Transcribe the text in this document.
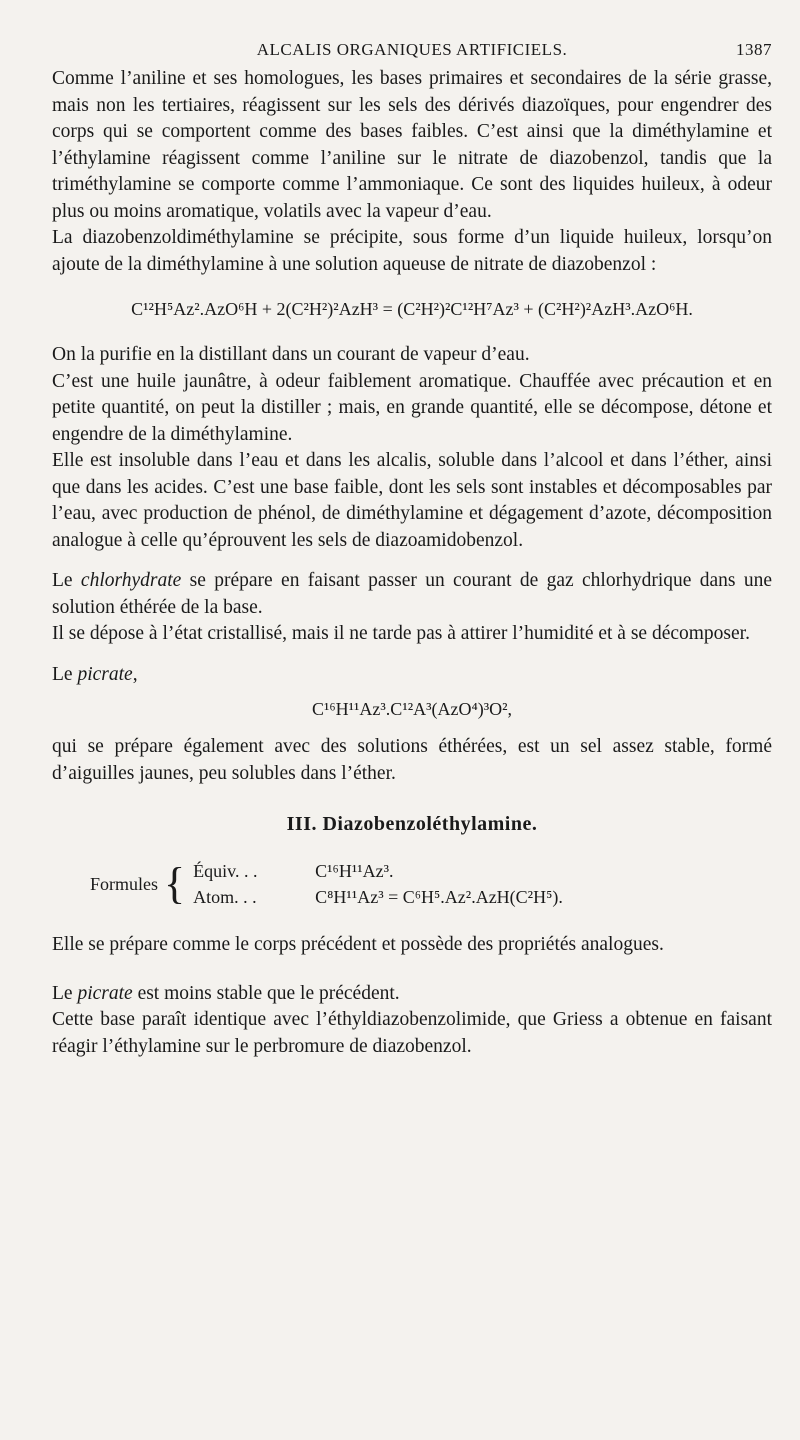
ALCALIS ORGANIQUES ARTIFICIELS.	1387

Comme l’aniline et ses homologues, les bases primaires et secondaires de la série grasse, mais non les tertiaires, réagissent sur les sels des dérivés diazoïques, pour engendrer des corps qui se comportent comme des bases faibles. C’est ainsi que la diméthylamine et l’éthylamine réagissent comme l’aniline sur le nitrate de diazobenzol, tandis que la triméthylamine se comporte comme l’ammoniaque. Ce sont des liquides huileux, à odeur plus ou moins aromatique, volatils avec la vapeur d’eau.

La diazobenzoldiméthylamine se précipite, sous forme d’un liquide huileux, lorsqu’on ajoute de la diméthylamine à une solution aqueuse de nitrate de diazobenzol :

C¹²H⁵Az².AzO⁶H + 2(C²H²)²AzH³ = (C²H²)²C¹²H⁷Az³ + (C²H²)²AzH³.AzO⁶H.

On la purifie en la distillant dans un courant de vapeur d’eau.

C’est une huile jaunâtre, à odeur faiblement aromatique. Chauffée avec précaution et en petite quantité, on peut la distiller ; mais, en grande quantité, elle se décompose, détone et engendre de la diméthylamine.

Elle est insoluble dans l’eau et dans les alcalis, soluble dans l’alcool et dans l’éther, ainsi que dans les acides. C’est une base faible, dont les sels sont instables et décomposables par l’eau, avec production de phénol, de diméthylamine et dégagement d’azote, décomposition analogue à celle qu’éprouvent les sels de diazoamidobenzol.

Le chlorhydrate se prépare en faisant passer un courant de gaz chlorhydrique dans une solution éthérée de la base.

Il se dépose à l’état cristallisé, mais il ne tarde pas à attirer l’humidité et à se décomposer.

Le picrate,

C¹⁶H¹¹Az³.C¹²A³(AzO⁴)³O²,

qui se prépare également avec des solutions éthérées, est un sel assez stable, formé d’aiguilles jaunes, peu solubles dans l’éther.

III. Diazobenzoléthylamine.
Formules { Équiv. . .	C¹⁶H¹¹Az³.
Atom. . .	C⁸H¹¹Az³ = C⁶H⁵.Az².AzH(C²H⁵).

Elle se prépare comme le corps précédent et possède des propriétés analogues.

Le picrate est moins stable que le précédent.

Cette base paraît identique avec l’éthyldiazobenzolimide, que Griess a obtenue en faisant réagir l’éthylamine sur le perbromure de diazobenzol.
